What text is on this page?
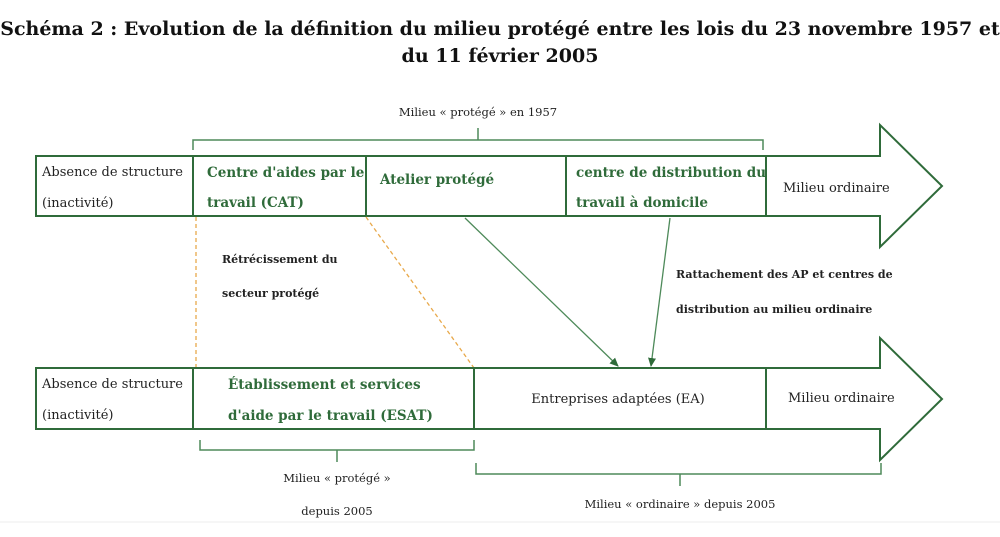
Schéma 2 : Evolution de la définition du milieu protégé entre les lois du 23 novembre 1957 et
du 11 février 2005
Milieu « protégé » en 1957
Absence de structure
(inactivité)
Centre d'aides par le
travail (CAT)
Atelier protégé	centre de distribution du
travail à domicile
Milieu ordinaire
Rétrécissement du
secteur protégé
Rattachement des AP et centres de
distribution au milieu ordinaire
Absence de structure
(inactivité)
Établissement et services
d'aide par le travail (ESAT)
Entreprises adaptées (EA)	Milieu ordinaire
Milieu « protégé »
depuis 2005	Milieu « ordinaire » depuis 2005
